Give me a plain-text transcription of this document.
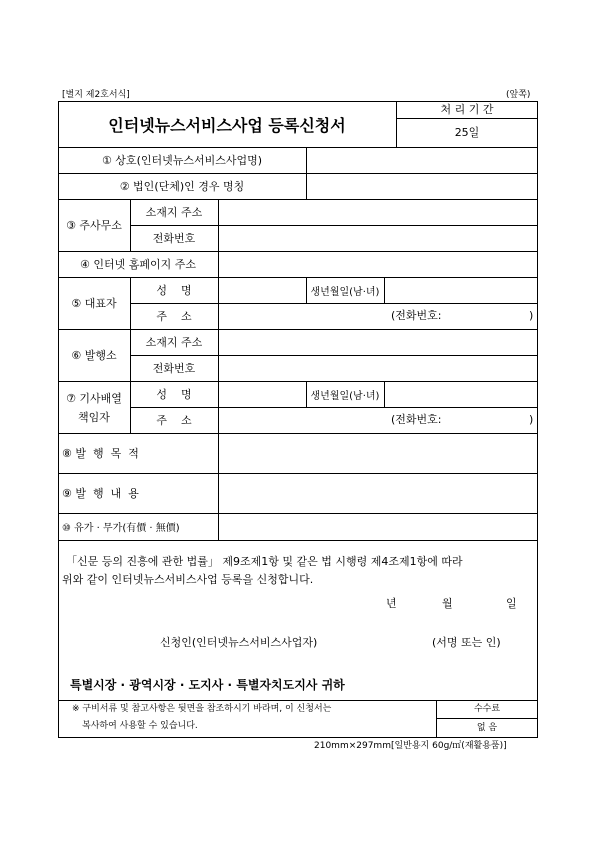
[별지 제2호서식]	(앞쪽)
인터넷뉴스서비스사업 등록신청서
처 리 기 간
25일
① 상호(인터넷뉴스서비스사업명)
② 법인(단체)인 경우 명칭
③ 주사무소
소재지 주소
전화번호
④ 인터넷 홈페이지 주소
⑤ 대표자
성    명	생년월일(남·녀)
주    소	(전화번호:	)
⑥ 발행소
소재지 주소
전화번호
⑦ 기사배열
책임자
성    명	생년월일(남·녀)
주    소	(전화번호:	)
⑧ 발  행  목  적
⑨ 발  행  내  용
⑩ 유가 · 무가(有價 · 無價)
「신문 등의 진흥에 관한 법률」 제9조제1항 및 같은 법 시행령 제4조제1항에 따라
위와 같이 인터넷뉴스서비스사업 등록을 신청합니다.
년	월	일
신청인(인터넷뉴스서비스사업자)	(서명 또는 인)
특별시장 · 광역시장 · 도지사 · 특별자치도지사 귀하
※ 구비서류 및 참고사항은 뒷면을 참조하시기 바라며, 이 신청서는
복사하여 사용할 수 있습니다.
수수료
없 음
210mm×297mm[일반용지 60g/㎡(재활용품)]
